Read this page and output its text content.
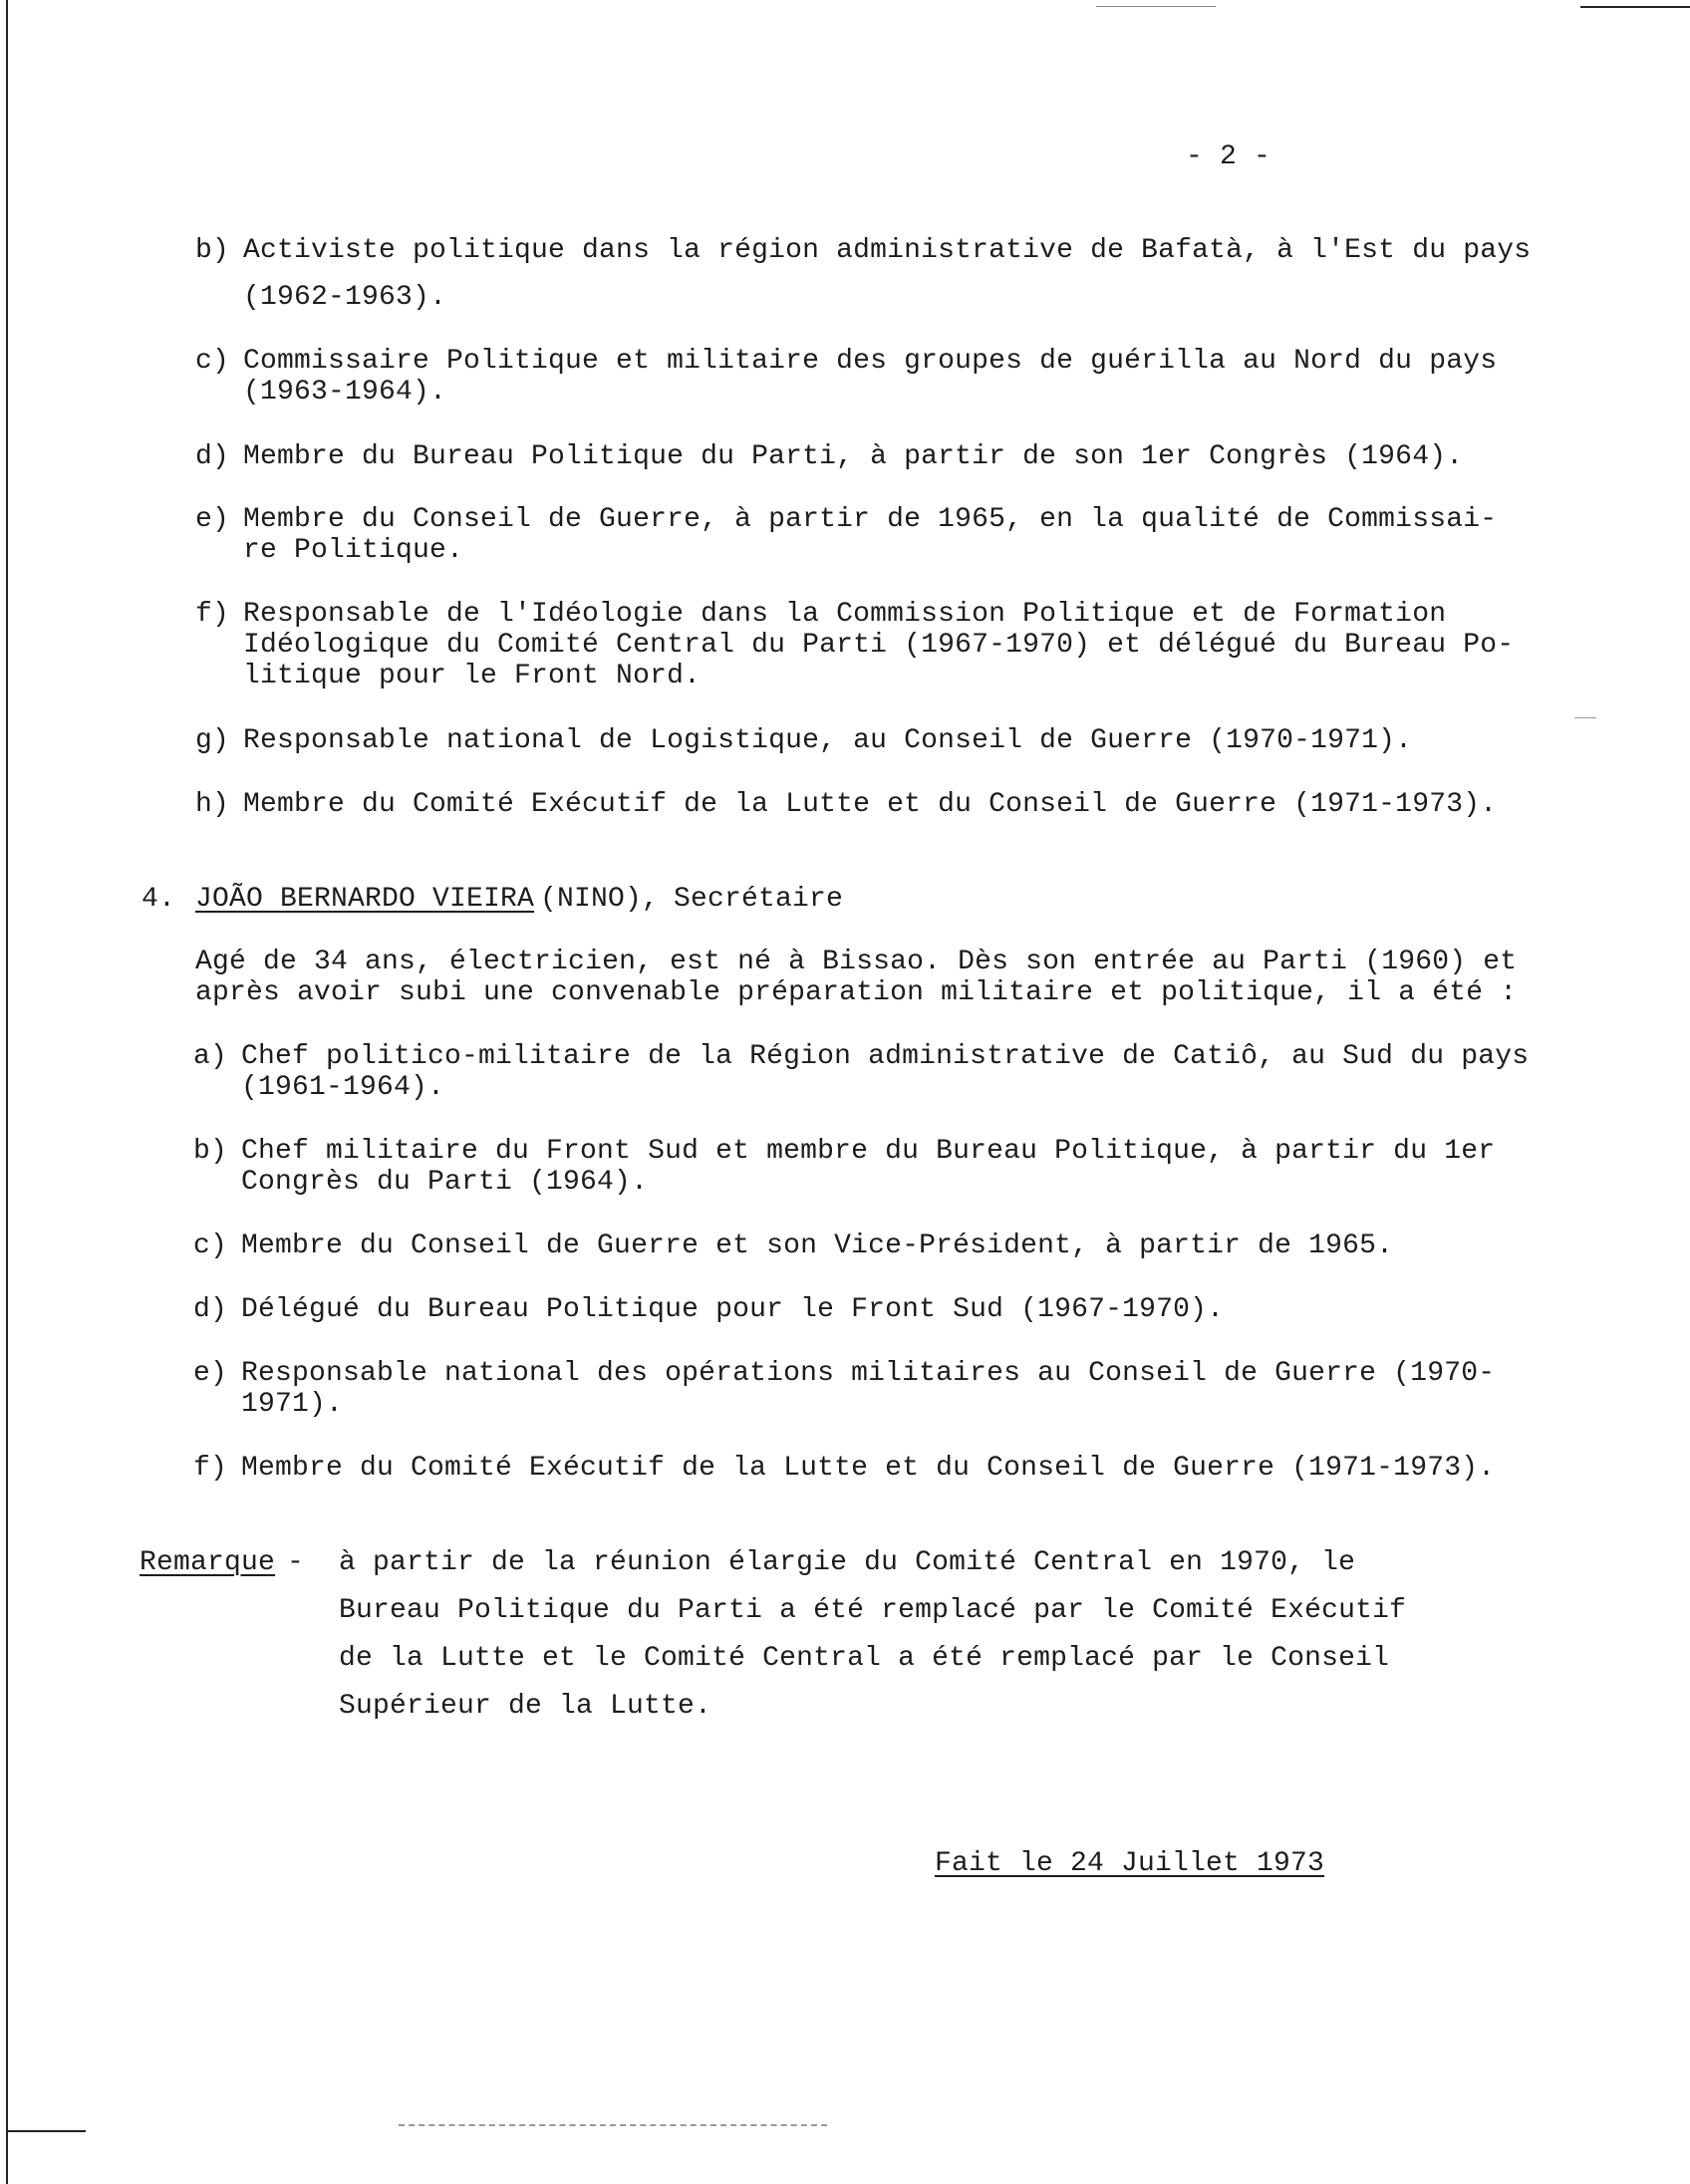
- 2 -
b) Activiste politique dans la région administrative de Bafatà, à l'Est du pays
(1962-1963).
c) Commissaire Politique et militaire des groupes de guérilla au Nord du pays
(1963-1964).
d) Membre du Bureau Politique du Parti, à partir de son 1er Congrès (1964).
e) Membre du Conseil de Guerre, à partir de 1965, en la qualité de Commissai-
re Politique.
f) Responsable de l'Idéologie dans la Commission Politique et de Formation
Idéologique du Comité Central du Parti (1967-1970) et délégué du Bureau Po-
litique pour le Front Nord.
g) Responsable national de Logistique, au Conseil de Guerre (1970-1971).
h) Membre du Comité Exécutif de la Lutte et du Conseil de Guerre (1971-1973).
4. JOÃO BERNARDO VIEIRA (NINO), Secrétaire
Agé de 34 ans, électricien, est né à Bissao. Dès son entrée au Parti (1960) et
après avoir subi une convenable préparation militaire et politique, il a été :
a) Chef politico-militaire de la Région administrative de Catiô, au Sud du pays
(1961-1964).
b) Chef militaire du Front Sud et membre du Bureau Politique, à partir du 1er
Congrès du Parti (1964).
c) Membre du Conseil de Guerre et son Vice-Président, à partir de 1965.
d) Délégué du Bureau Politique pour le Front Sud (1967-1970).
e) Responsable national des opérations militaires au Conseil de Guerre (1970-
1971).
f) Membre du Comité Exécutif de la Lutte et du Conseil de Guerre (1971-1973).
Remarque - à partir de la réunion élargie du Comité Central en 1970, le
Bureau Politique du Parti a été remplacé par le Comité Exécutif
de la Lutte et le Comité Central a été remplacé par le Conseil
Supérieur de la Lutte.
Fait le 24 Juillet 1973
